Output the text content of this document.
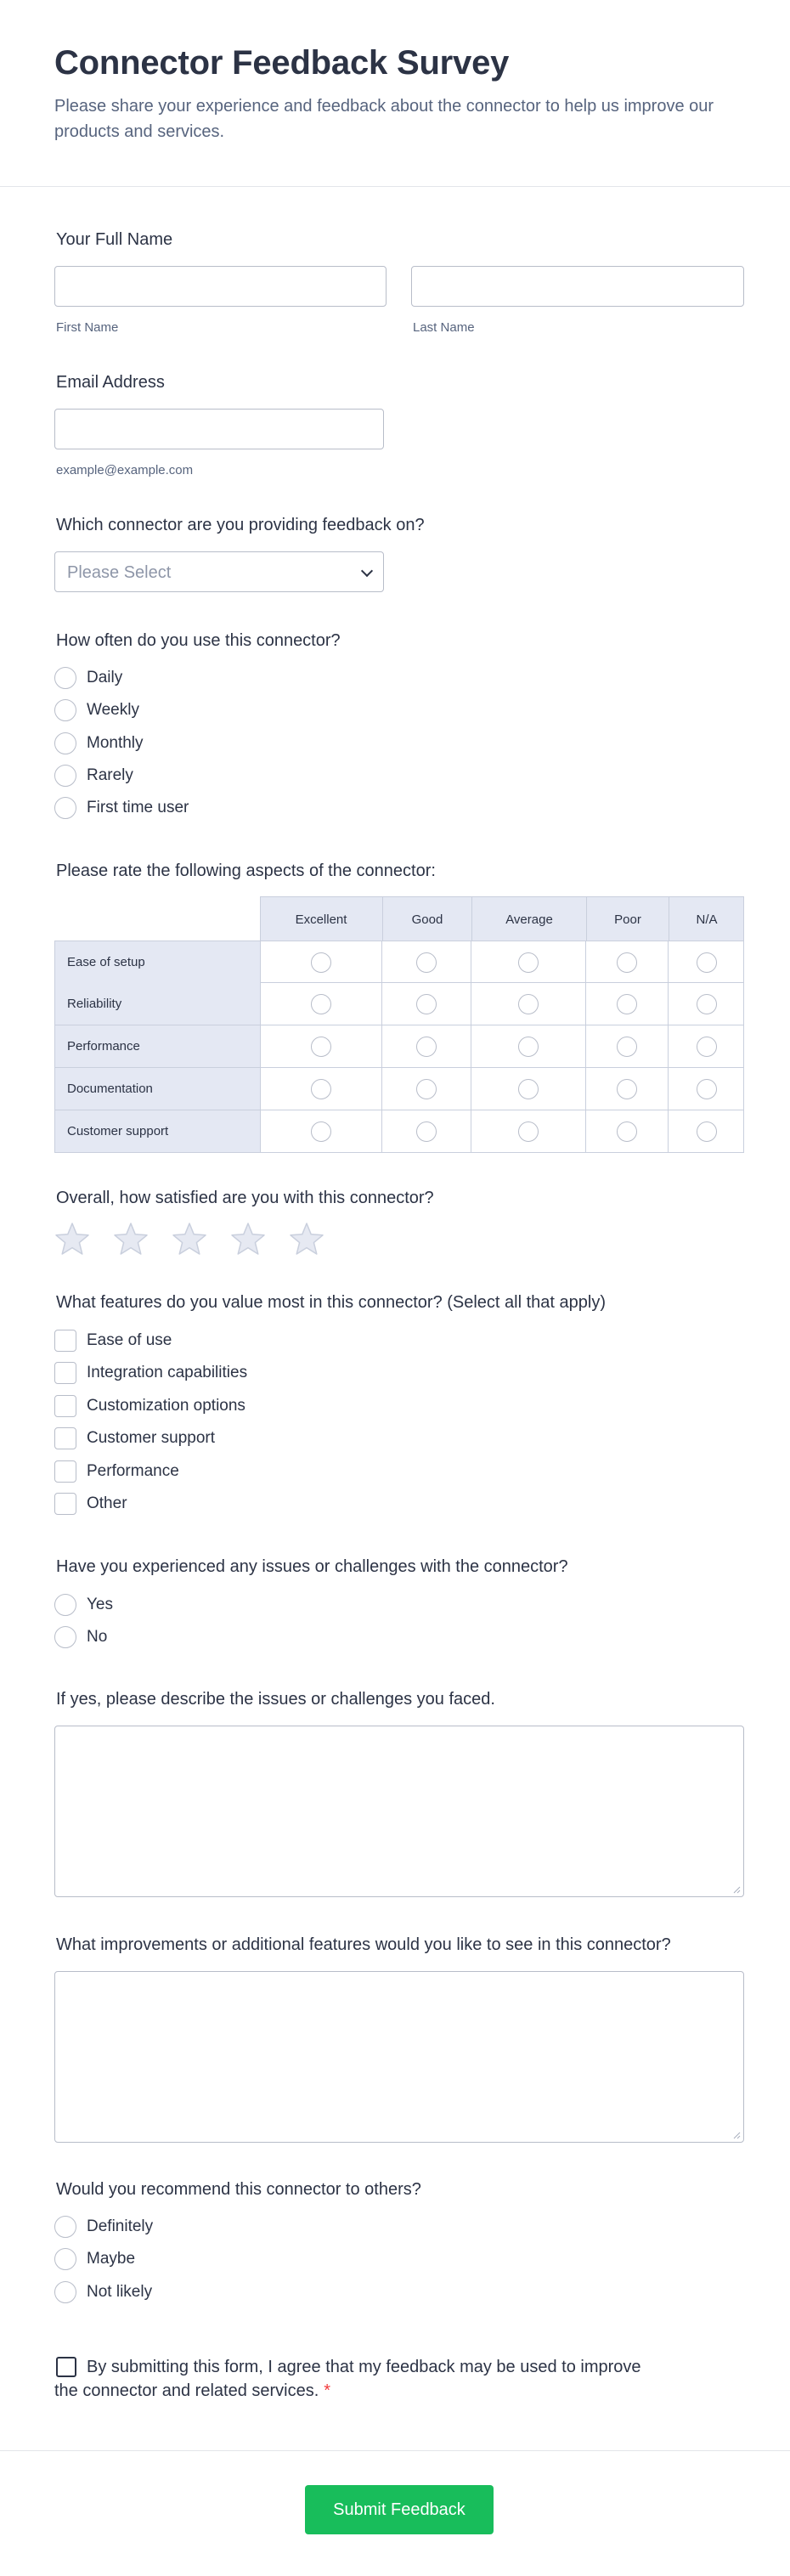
Connector Feedback Survey

Please share your experience and feedback about the connector to help us improve our products and services.

Your Full Name
First Name	Last Name
Email Address
example@example.com
Which connector are you providing feedback on?
Please Select
How often do you use this connector?
Daily
Weekly
Monthly
Rarely
First time user
Please rate the following aspects of the connector:
Excellent	Good	Average	Poor	N/A
Ease of setup
Reliability
Performance
Documentation
Customer support
Overall, how satisfied are you with this connector?
What features do you value most in this connector? (Select all that apply)
Ease of use
Integration capabilities
Customization options
Customer support
Performance
Other
Have you experienced any issues or challenges with the connector?
Yes
No
If yes, please describe the issues or challenges you faced.
What improvements or additional features would you like to see in this connector?
Would you recommend this connector to others?
Definitely
Maybe
Not likely
By submitting this form, I agree that my feedback may be used to improve the connector and related services. *
Submit Feedback
